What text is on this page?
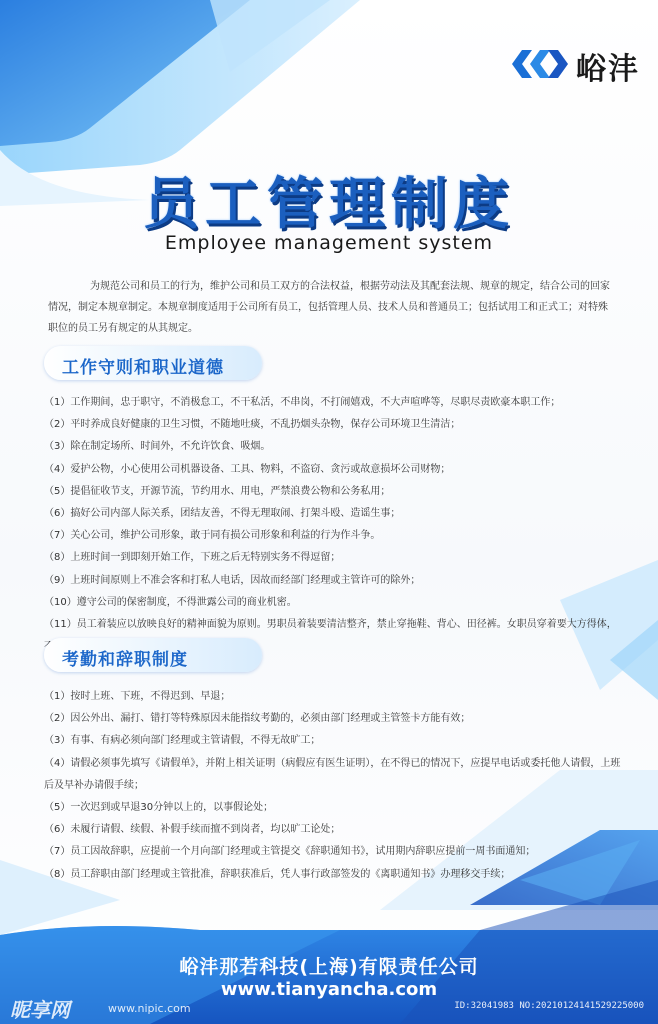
峪沣
员工管理制度
Employee management system

为规范公司和员工的行为，维护公司和员工双方的合法权益，根据劳动法及其配套法规、规章的规定，结合公司的回家情况，制定本规章制定。本规章制度适用于公司所有员工，包括管理人员、技术人员和普通员工；包括试用工和正式工；对特殊职位的员工另有规定的从其规定。

工作守则和职业道德
（1）工作期间，忠于职守，不消极怠工，不干私活，不串岗，不打闹嬉戏，不大声喧哗等，尽职尽责欧豪本职工作；
（2）平时养成良好健康的卫生习惯，不随地吐痰，不乱扔烟头杂物，保存公司环境卫生清洁；
（3）除在制定场所、时间外，不允许饮食、吸烟。
（4）爱护公物，小心使用公司机器设备、工具、物料，不盗窃、贪污或故意损坏公司财物；
（5）提倡征收节支，开源节流，节约用水、用电，严禁浪费公物和公务私用；
（6）搞好公司内部人际关系，团结友善，不得无理取闹、打架斗殴、造谣生事；
（7）关心公司，维护公司形象，敢于同有损公司形象和利益的行为作斗争。
（8）上班时间一到即刻开始工作，下班之后无特别实务不得逗留；
（9）上班时间原则上不准会客和打私人电话，因故而经部门经理或主管许可的除外；
（10）遵守公司的保密制度，不得泄露公司的商业机密。
（11）员工着装应以放映良好的精神面貌为原则。男职员着装要清洁整齐，禁止穿拖鞋、背心、田径裤。女职员穿着要大方得体，
考勤和辞职制度
（1）按时上班、下班，不得迟到、早退；
（2）因公外出、漏打、错打等特殊原因未能指纹考勤的，必须由部门经理或主管签卡方能有效；
（3）有事、有病必须向部门经理或主管请假，不得无故旷工；
（4）请假必须事先填写《请假单》，并附上相关证明（病假应有医生证明），在不得已的情况下，应提早电话或委托他人请假，上班后及早补办请假手续；
（5）一次迟到或早退30分钟以上的，以事假论处；
（6）未履行请假、续假、补假手续而擅不到岗者，均以旷工论处；
（7）员工因故辞职，应提前一个月向部门经理或主管提交《辞职通知书》，试用期内辞职应提前一周书面通知；
（8）员工辞职由部门经理或主管批准，辞职获准后，凭人事行政部签发的《离职通知书》办理移交手续；
峪沣那若科技(上海)有限责任公司
www.tianyancha.com
昵享网	www.nipic.com	ID:32041983 NO:20210124141529225000
